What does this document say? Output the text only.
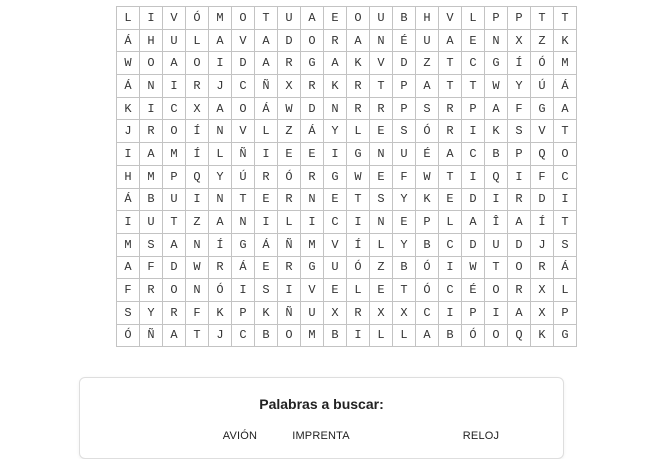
L	I	V	Ó	M	O	T	U	A	E	O	U	B	H	V	L	P	P	T	T
Á	H	U	L	A	V	A	D	O	R	A	N	É	U	A	E	N	X	Z	K
W	O	A	O	I	D	A	R	G	A	K	V	D	Z	T	C	G	Í	Ó	M
Á	N	I	R	J	C	Ñ	X	R	K	R	T	P	A	T	T	W	Y	Ú	Á
K	I	C	X	A	O	Á	W	D	N	R	R	P	S	R	P	A	F	G	A
J	R	O	Í	N	V	L	Z	Á	Y	L	E	S	Ó	R	I	K	S	V	T
I	A	M	Í	L	Ñ	I	E	E	I	G	N	U	É	A	C	B	P	Q	O
H	M	P	Q	Y	Ú	R	Ó	R	G	W	E	F	W	T	I	Q	I	F	C
Á	B	U	I	N	T	E	R	N	E	T	S	Y	K	E	D	I	R	D	I
I	U	T	Z	A	N	I	L	I	C	I	N	E	P	L	A	Î	A	Í	T
M	S	A	N	Í	G	Á	Ñ	M	V	Í	L	Y	B	C	D	U	D	J	S
A	F	D	W	R	Á	E	R	G	U	Ó	Z	B	Ó	I	W	T	O	R	Á
F	R	O	N	Ó	I	S	I	V	E	L	E	T	Ó	C	É	O	R	X	L
S	Y	R	F	K	P	K	Ñ	U	X	R	X	X	C	I	P	I	A	X	P
Ó	Ñ	A	T	J	C	B	O	M	B	I	L	L	A	B	Ó	O	Q	K	G
Palabras a buscar:
AVIÓN	IMPRENTA	RELOJ
